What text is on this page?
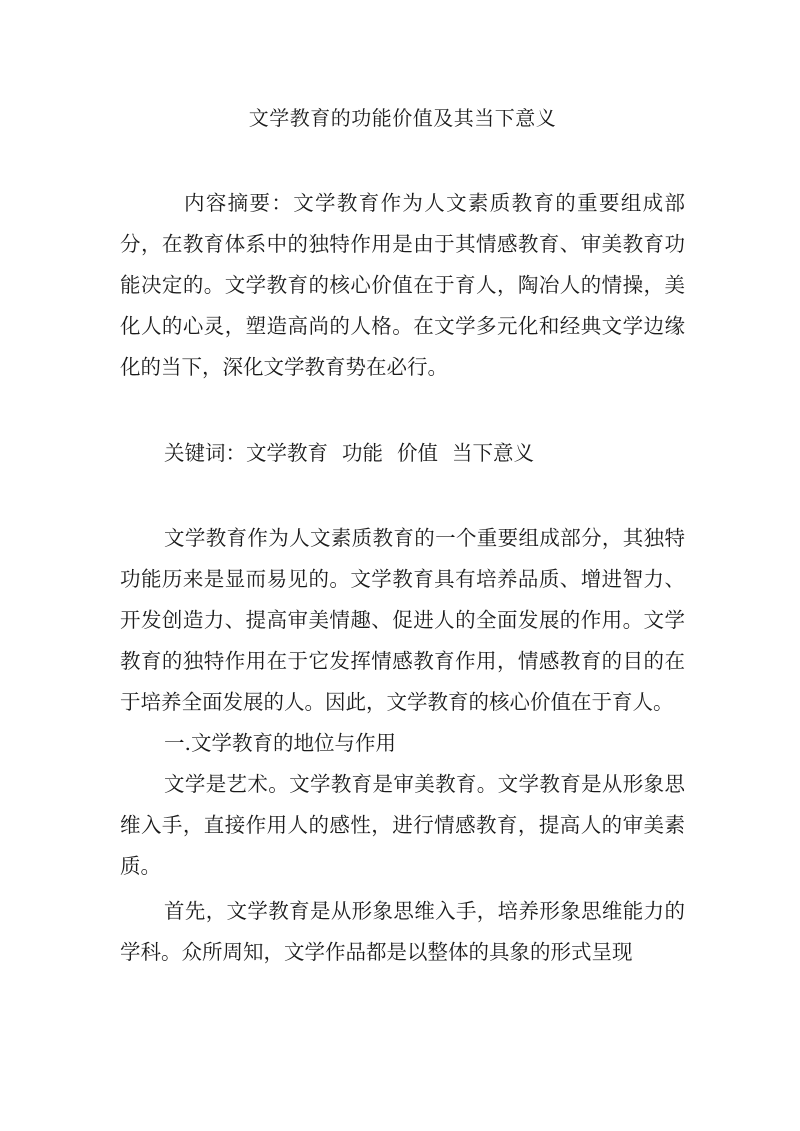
文学教育的功能价值及其当下意义
内容摘要：文学教育作为人文素质教育的重要组成部分，在教育体系中的独特作用是由于其情感教育、审美教育功能决定的。文学教育的核心价值在于育人，陶冶人的情操，美化人的心灵，塑造高尚的人格。在文学多元化和经典文学边缘化的当下，深化文学教育势在必行。
关键词：文学教育 功能 价值 当下意义

文学教育作为人文素质教育的一个重要组成部分，其独特功能历来是显而易见的。文学教育具有培养品质、增进智力、开发创造力、提高审美情趣、促进人的全面发展的作用。文学教育的独特作用在于它发挥情感教育作用，情感教育的目的在于培养全面发展的人。因此，文学教育的核心价值在于育人。

一.文学教育的地位与作用

文学是艺术。文学教育是审美教育。文学教育是从形象思维入手，直接作用人的感性，进行情感教育，提高人的审美素质。

首先，文学教育是从形象思维入手，培养形象思维能力的学科。众所周知，文学作品都是以整体的具象的形式呈现
